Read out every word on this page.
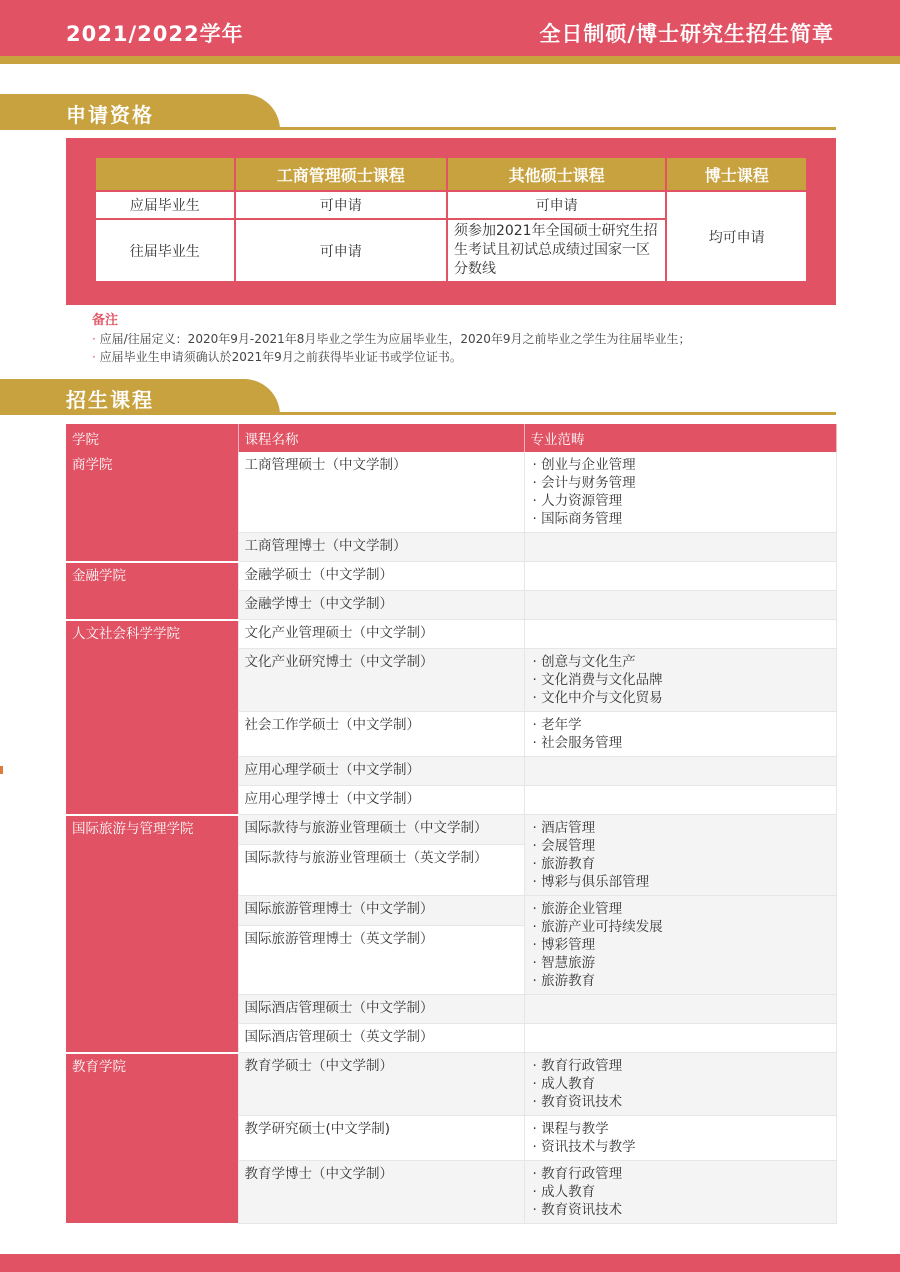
2021/2022学年	全日制硕/博士研究生招生简章
申请资格
	工商管理硕士课程	其他硕士课程	博士课程
应届毕业生	可申请	可申请	均可申请
往届毕业生	可申请	须参加2021年全国硕士研究生招生考试且初试总成绩过国家一区分数线	
备注
· 应届/往届定义：2020年9月-2021年8月毕业之学生为应届毕业生，2020年9月之前毕业之学生为往届毕业生；
· 应届毕业生申请须确认於2021年9月之前获得毕业证书或学位证书。
招生课程
学院	课程名称	专业范畴
商学院	工商管理硕士（中文学制）	· 创业与企业管理
· 会计与财务管理
· 人力资源管理
· 国际商务管理

	工商管理博士（中文学制）	
金融学院	金融学硕士（中文学制）	
	金融学博士（中文学制）	
人文社会科学学院	文化产业管理硕士（中文学制）	
	文化产业研究博士（中文学制）	· 创意与文化生产
· 文化消费与文化品牌
· 文化中介与文化贸易

	社会工作学硕士（中文学制）	· 老年学
· 社会服务管理

	应用心理学硕士（中文学制）	
	应用心理学博士（中文学制）	
国际旅游与管理学院	国际款待与旅游业管理硕士（中文学制）	· 酒店管理
· 会展管理
· 旅游教育
· 博彩与俱乐部管理

	国际款待与旅游业管理硕士（英文学制）	
	国际旅游管理博士（中文学制）	· 旅游企业管理
· 旅游产业可持续发展
· 博彩管理
· 智慧旅游
· 旅游教育

	国际旅游管理博士（英文学制）	
	国际酒店管理硕士（中文学制）	
	国际酒店管理硕士（英文学制）	
教育学院	教育学硕士（中文学制）	· 教育行政管理
· 成人教育
· 教育资讯技术

	教学研究硕士(中文学制)	· 课程与教学
· 资讯技术与教学

	教育学博士（中文学制）	· 教育行政管理
· 成人教育
· 教育资讯技术
